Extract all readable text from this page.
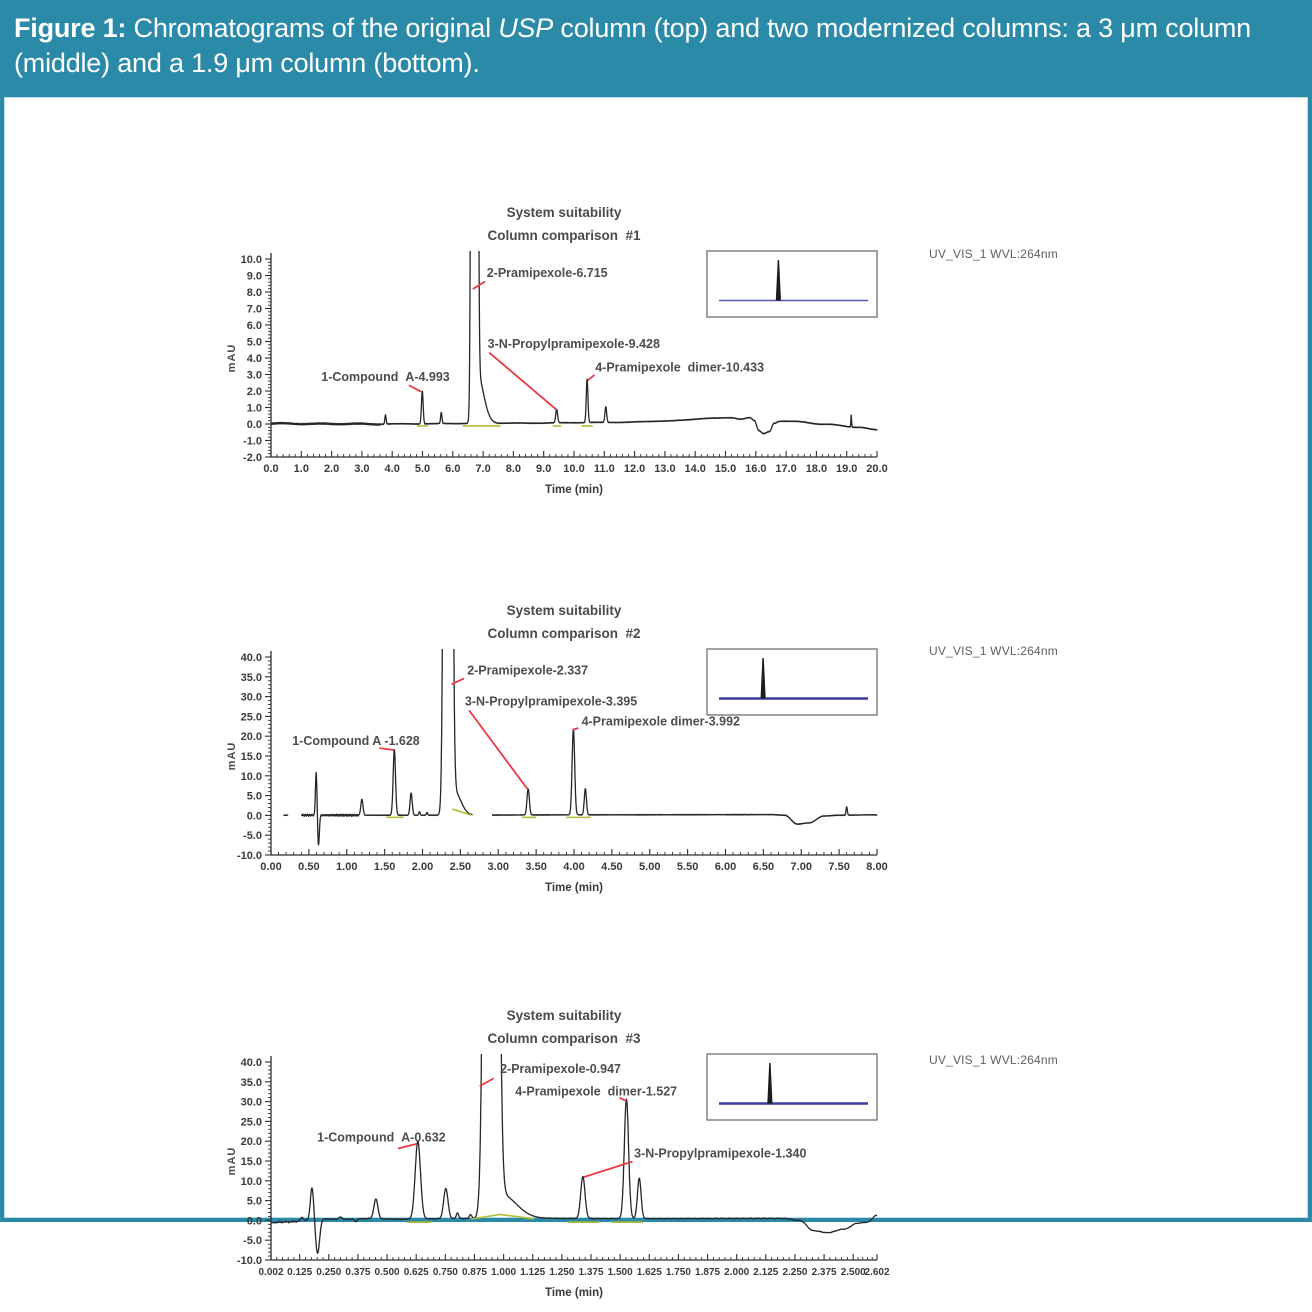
Figure 1: Chromatograms of the original USP column (top) and two modernized columns: a 3 μm column (middle) and a 1.9 μm column (bottom).
System suitability
Column comparison  #1
mAU
10.0
9.0
8.0
7.0
6.0
5.0
4.0
3.0
2.0
1.0
0.0
-1.0
-2.0
0.0 1.0 2.0 3.0 4.0 5.0 6.0 7.0 8.0 9.0 10.0 11.0 12.0 13.0 14.0 15.0 16.0 17.0 18.0 19.0 20.0
Time (min)
1-Compound  A-4.993
2-Pramipexole-6.715
3-N-Propylpramipexole-9.428
4-Pramipexole  dimer-10.433
UV_VIS_1 WVL:264nm
System suitability
Column comparison  #2
mAU
40.0
35.0
30.0
25.0
20.0
15.0
10.0
5.0
0.0
-5.0
-10.0
0.00 0.50 1.00 1.50 2.00 2.50 3.00 3.50 4.00 4.50 5.00 5.50 6.00 6.50 7.00 7.50 8.00
Time (min)
1-Compound A -1.628
2-Pramipexole-2.337
3-N-Propylpramipexole-3.395
4-Pramipexole dimer-3.992
UV_VIS_1 WVL:264nm
System suitability
Column comparison  #3
mAU
40.0
35.0
30.0
25.0
20.0
15.0
10.0
5.0
0.0
-5.0
-10.0
0.002 0.125 0.250 0.375 0.500 0.625 0.750 0.875 1.000 1.125 1.250 1.375 1.500 1.625 1.750 1.875 2.000 2.125 2.250 2.375 2.500
2.602
Time (min)
1-Compound  A-0.632
2-Pramipexole-0.947
4-Pramipexole  dimer-1.527
3-N-Propylpramipexole-1.340
UV_VIS_1 WVL:264nm
